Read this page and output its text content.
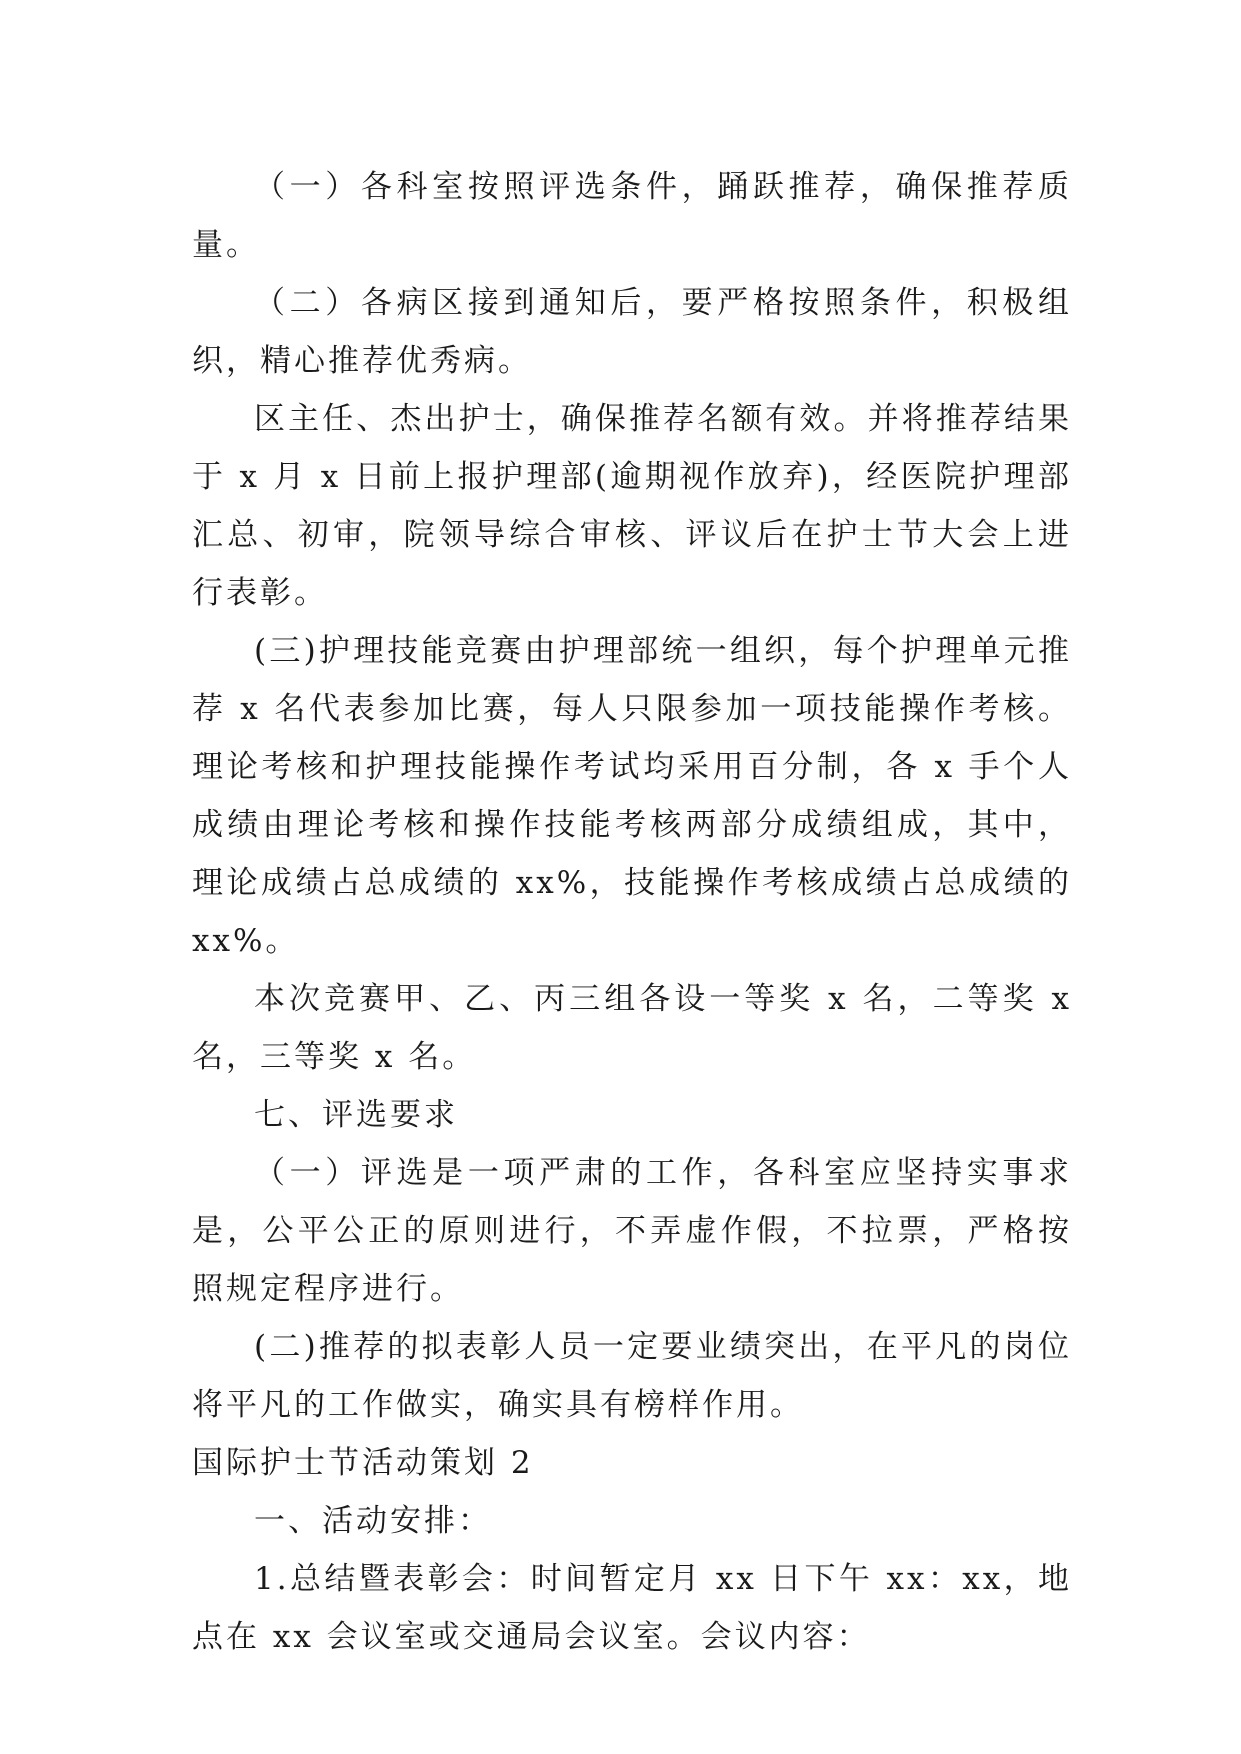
（一）各科室按照评选条件，踊跃推荐，确保推荐质量。

（二）各病区接到通知后，要严格按照条件，积极组织，精心推荐优秀病。

区主任、杰出护士，确保推荐名额有效。并将推荐结果于 x 月 x 日前上报护理部(逾期视作放弃)，经医院护理部汇总、初审，院领导综合审核、评议后在护士节大会上进行表彰。

(三)护理技能竞赛由护理部统一组织，每个护理单元推荐 x 名代表参加比赛，每人只限参加一项技能操作考核。理论考核和护理技能操作考试均采用百分制，各 x 手个人成绩由理论考核和操作技能考核两部分成绩组成，其中，理论成绩占总成绩的 xx%，技能操作考核成绩占总成绩的 xx%。

本次竞赛甲、乙、丙三组各设一等奖 x 名，二等奖 x 名，三等奖 x 名。

七、评选要求

（一）评选是一项严肃的工作，各科室应坚持实事求是，公平公正的原则进行，不弄虚作假，不拉票，严格按照规定程序进行。

(二)推荐的拟表彰人员一定要业绩突出，在平凡的岗位将平凡的工作做实，确实具有榜样作用。

国际护士节活动策划 2

一、活动安排：

1.总结暨表彰会：时间暂定月 xx 日下午 xx：xx，地点在 xx 会议室或交通局会议室。会议内容：
